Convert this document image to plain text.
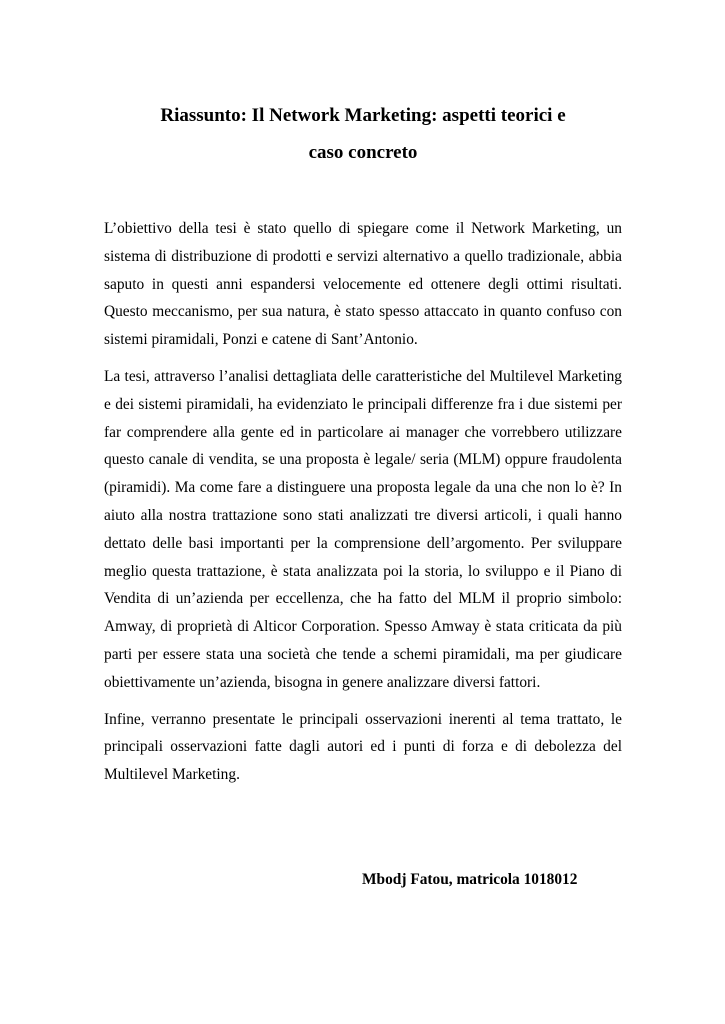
Riassunto: Il Network Marketing: aspetti teorici e
caso concreto

L’obiettivo della tesi è stato quello di spiegare come il Network Marketing, un sistema di distribuzione di prodotti e servizi alternativo a quello tradizionale, abbia saputo in questi anni espandersi velocemente ed ottenere degli ottimi risultati. Questo meccanismo, per sua natura, è stato spesso attaccato in quanto confuso con sistemi piramidali, Ponzi e catene di Sant’Antonio.

La tesi, attraverso l’analisi dettagliata delle caratteristiche del Multilevel Marketing e dei sistemi piramidali, ha evidenziato le principali differenze fra i due sistemi per far comprendere alla gente ed in particolare ai manager che vorrebbero utilizzare questo canale di vendita, se una proposta è legale/ seria (MLM) oppure fraudolenta (piramidi). Ma come fare a distinguere una proposta legale da una che non lo è? In aiuto alla nostra trattazione sono stati analizzati tre diversi articoli, i quali hanno dettato delle basi importanti per la comprensione dell’argomento. Per sviluppare meglio questa trattazione, è stata analizzata poi la storia, lo sviluppo e il Piano di Vendita di un’azienda per eccellenza, che ha fatto del MLM il proprio simbolo: Amway, di proprietà di Alticor Corporation. Spesso Amway è stata criticata da più parti per essere stata una società che tende a schemi piramidali, ma per giudicare obiettivamente un’azienda, bisogna in genere analizzare diversi fattori.

Infine, verranno presentate le principali osservazioni inerenti al tema trattato, le principali osservazioni fatte dagli autori ed i punti di forza e di debolezza del Multilevel Marketing.

Mbodj Fatou, matricola 1018012
